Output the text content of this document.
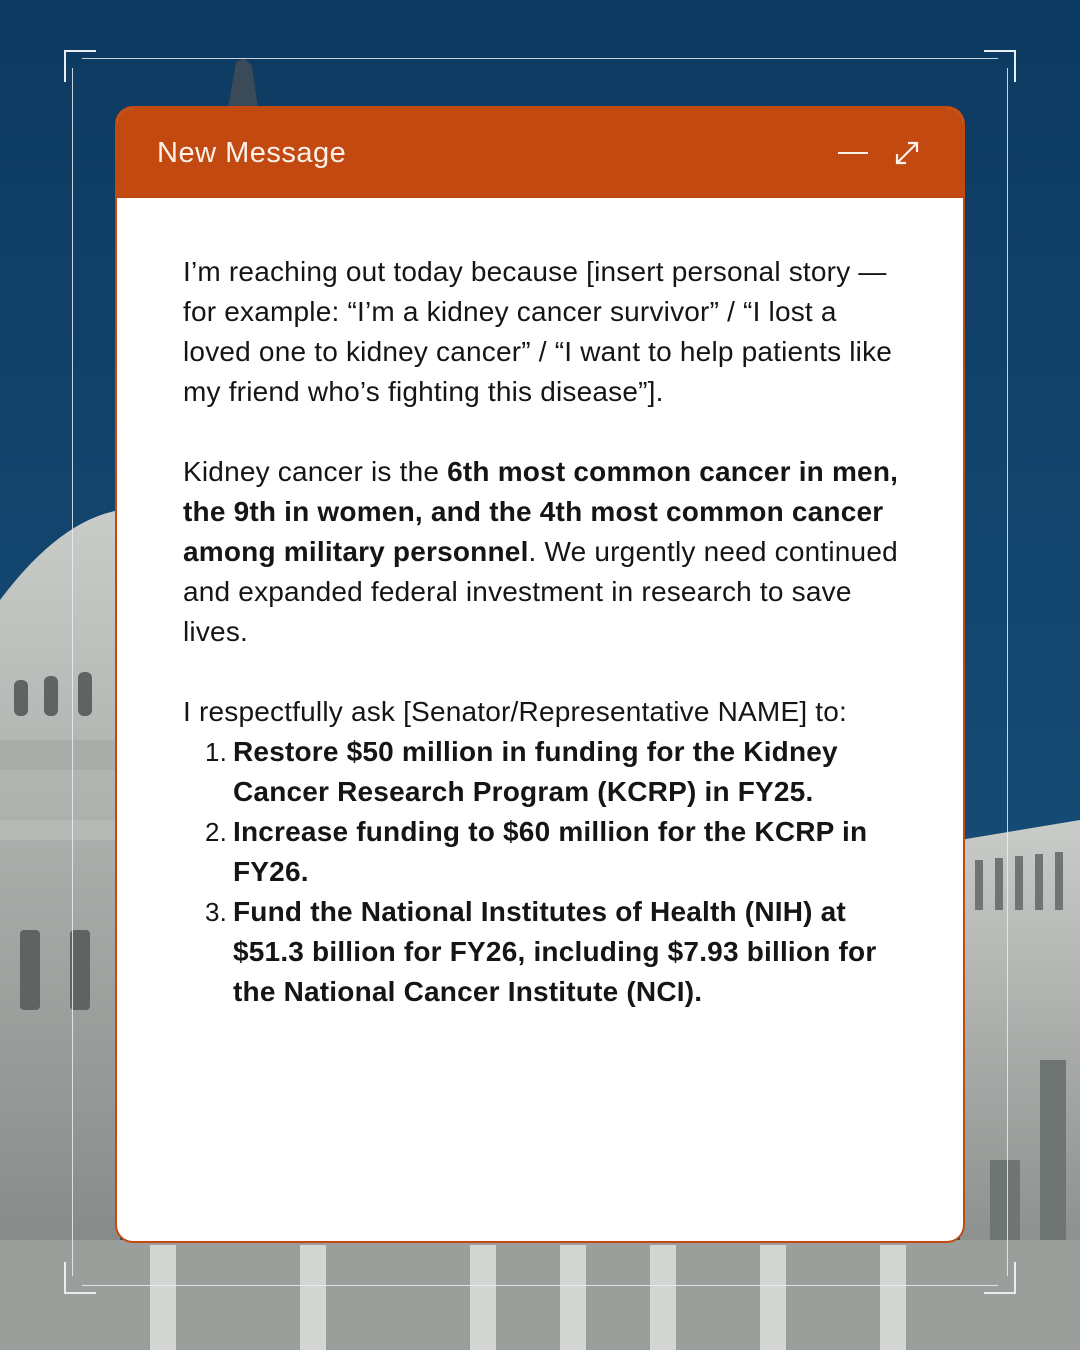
New Message

I’m reaching out today because [insert personal story — for example: “I’m a kidney cancer survivor” / “I lost a loved one to kidney cancer” / “I want to help patients like my friend who’s fighting this disease”].

Kidney cancer is the 6th most common cancer in men, the 9th in women, and the 4th most common cancer among military personnel. We urgently need continued and expanded federal investment in research to save lives.

I respectfully ask [Senator/Representative NAME] to:

1. Restore $50 million in funding for the Kidney Cancer Research Program (KCRP) in FY25.
2. Increase funding to $60 million for the KCRP in FY26.
3. Fund the National Institutes of Health (NIH) at $51.3 billion for FY26, including $7.93 billion for the National Cancer Institute (NCI).
